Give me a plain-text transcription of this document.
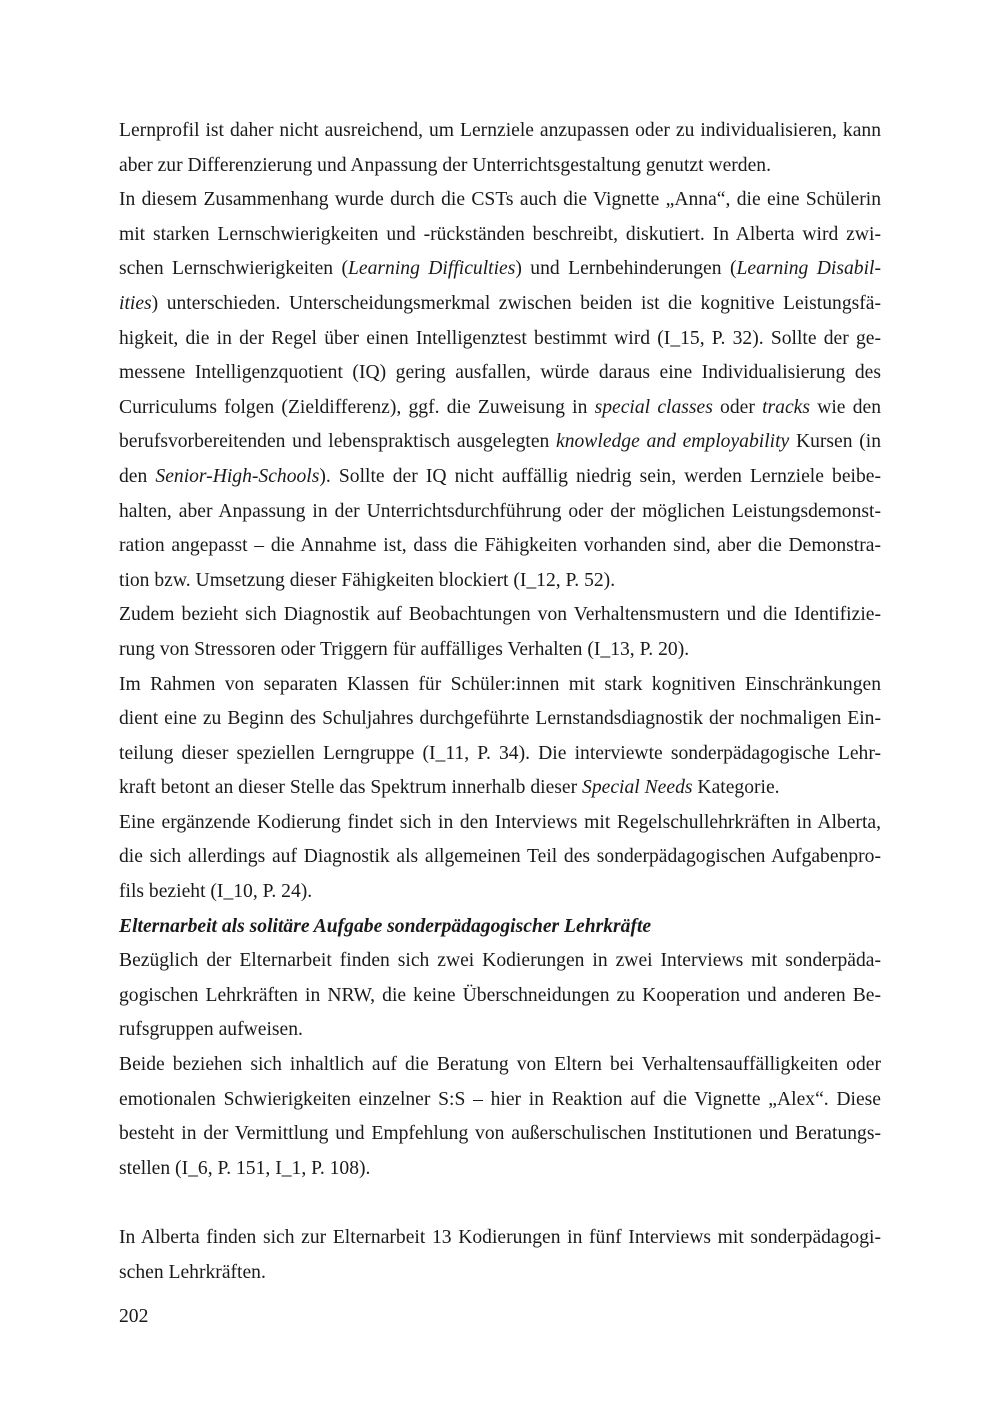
Lernprofil ist daher nicht ausreichend, um Lernziele anzupassen oder zu individualisieren, kann
aber zur Differenzierung und Anpassung der Unterrichtsgestaltung genutzt werden.
In diesem Zusammenhang wurde durch die CSTs auch die Vignette „Anna“, die eine Schülerin
mit starken Lernschwierigkeiten und -rückständen beschreibt, diskutiert. In Alberta wird zwi-
schen Lernschwierigkeiten (Learning Difficulties) und Lernbehinderungen (Learning Disabil-
ities) unterschieden. Unterscheidungsmerkmal zwischen beiden ist die kognitive Leistungsfä-
higkeit, die in der Regel über einen Intelligenztest bestimmt wird (I_15, P. 32). Sollte der ge-
messene Intelligenzquotient (IQ) gering ausfallen, würde daraus eine Individualisierung des
Curriculums folgen (Zieldifferenz), ggf. die Zuweisung in special classes oder tracks wie den
berufsvorbereitenden und lebenspraktisch ausgelegten knowledge and employability Kursen (in
den Senior-High-Schools). Sollte der IQ nicht auffällig niedrig sein, werden Lernziele beibe-
halten, aber Anpassung in der Unterrichtsdurchführung oder der möglichen Leistungsdemonst-
ration angepasst – die Annahme ist, dass die Fähigkeiten vorhanden sind, aber die Demonstra-
tion bzw. Umsetzung dieser Fähigkeiten blockiert (I_12, P. 52).
Zudem bezieht sich Diagnostik auf Beobachtungen von Verhaltensmustern und die Identifizie-
rung von Stressoren oder Triggern für auffälliges Verhalten (I_13, P. 20).
Im Rahmen von separaten Klassen für Schüler:innen mit stark kognitiven Einschränkungen
dient eine zu Beginn des Schuljahres durchgeführte Lernstandsdiagnostik der nochmaligen Ein-
teilung dieser speziellen Lerngruppe (I_11, P. 34). Die interviewte sonderpädagogische Lehr-
kraft betont an dieser Stelle das Spektrum innerhalb dieser Special Needs Kategorie.
Eine ergänzende Kodierung findet sich in den Interviews mit Regelschullehrkräften in Alberta,
die sich allerdings auf Diagnostik als allgemeinen Teil des sonderpädagogischen Aufgabenpro-
fils bezieht (I_10, P. 24).
Elternarbeit als solitäre Aufgabe sonderpädagogischer Lehrkräfte
Bezüglich der Elternarbeit finden sich zwei Kodierungen in zwei Interviews mit sonderpäda-
gogischen Lehrkräften in NRW, die keine Überschneidungen zu Kooperation und anderen Be-
rufsgruppen aufweisen.
Beide beziehen sich inhaltlich auf die Beratung von Eltern bei Verhaltensauffälligkeiten oder
emotionalen Schwierigkeiten einzelner S:S – hier in Reaktion auf die Vignette „Alex“. Diese
besteht in der Vermittlung und Empfehlung von außerschulischen Institutionen und Beratungs-
stellen (I_6, P. 151, I_1, P. 108).
In Alberta finden sich zur Elternarbeit 13 Kodierungen in fünf Interviews mit sonderpädagogi-
schen Lehrkräften.
202
